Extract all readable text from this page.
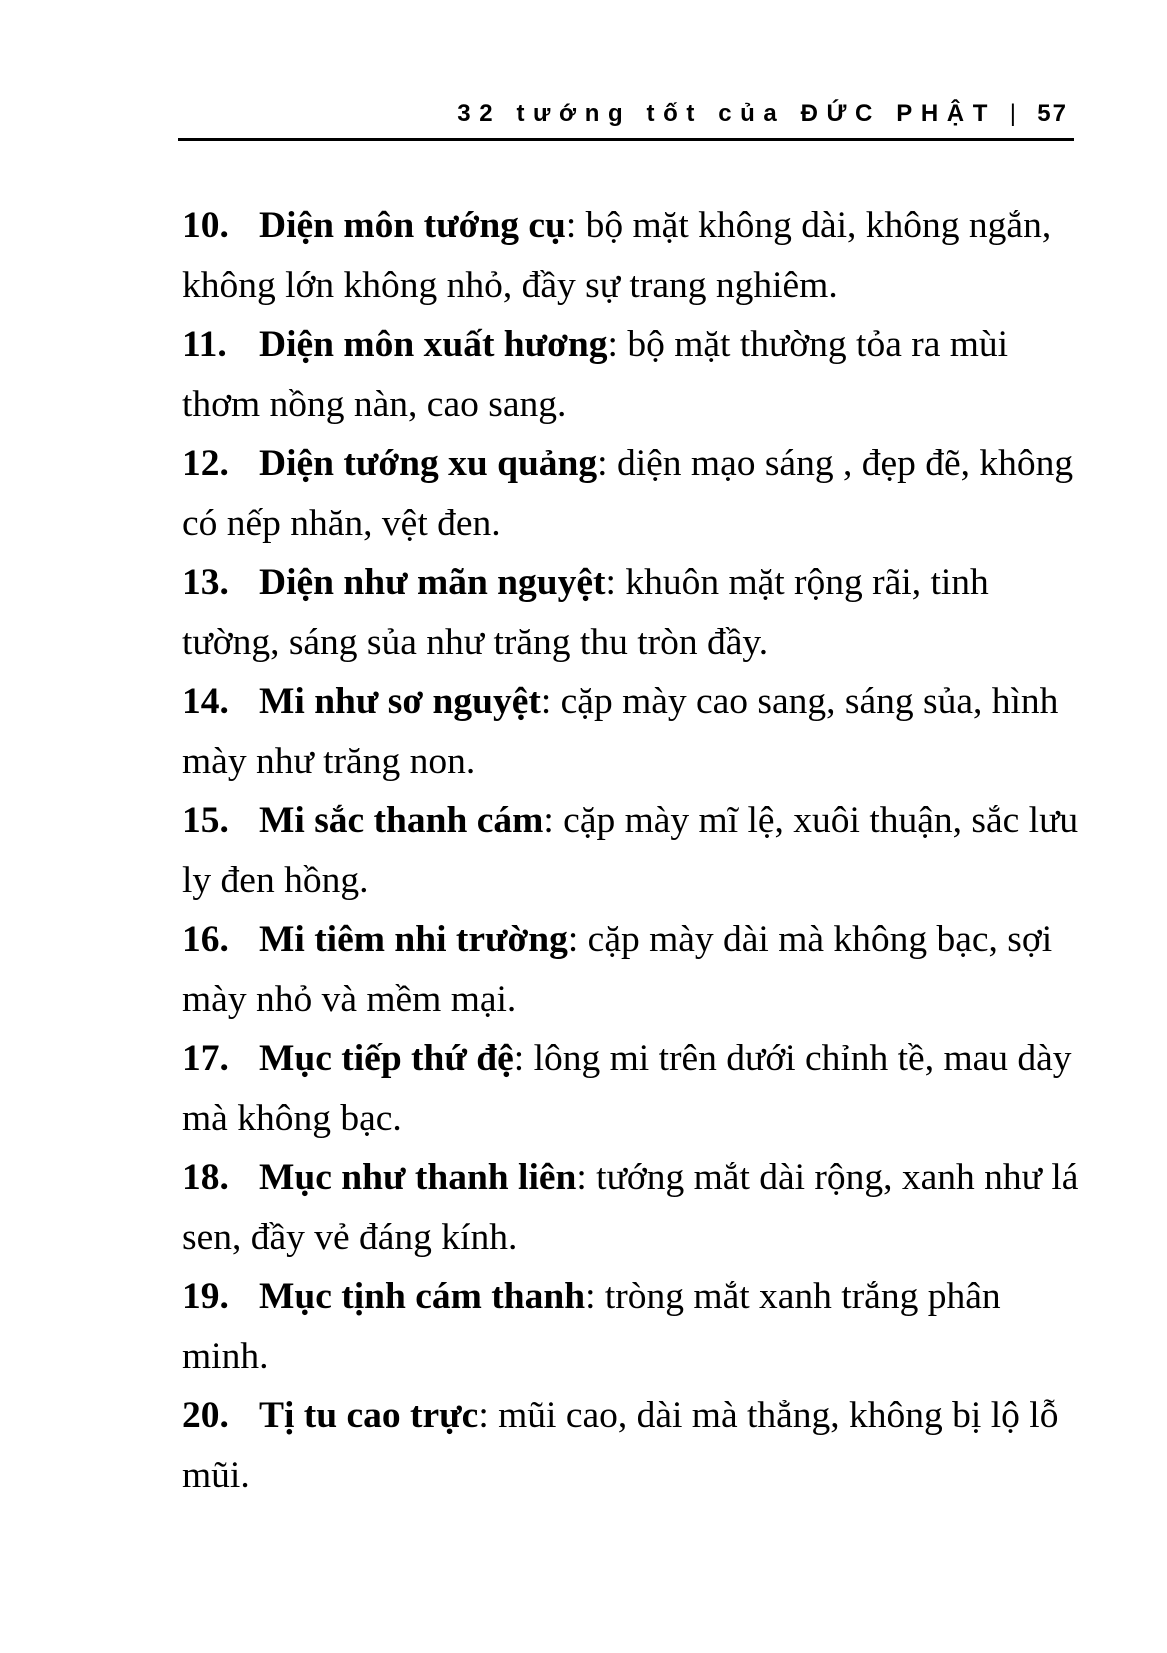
32 tướng tốt của ĐỨC PHẬT | 57

10. Diện môn tướng cụ: bộ mặt không dài, không ngắn, không lớn không nhỏ, đầy sự trang nghiêm.

11. Diện môn xuất hương: bộ mặt thường tỏa ra mùi thơm nồng nàn, cao sang.

12. Diện tướng xu quảng: diện mạo sáng , đẹp đẽ, không có nếp nhăn, vệt đen.

13. Diện như mãn nguyệt: khuôn mặt rộng rãi, tinh tường, sáng sủa như trăng thu tròn đầy.

14. Mi như sơ nguyệt: cặp mày cao sang, sáng sủa, hình mày như trăng non.

15. Mi sắc thanh cám: cặp mày mĩ lệ, xuôi thuận, sắc lưu ly đen hồng.

16. Mi tiêm nhi trường: cặp mày dài mà không bạc, sợi mày nhỏ và mềm mại.

17. Mục tiếp thứ đệ: lông mi trên dưới chỉnh tề, mau dày mà không bạc.

18. Mục như thanh liên: tướng mắt dài rộng, xanh như lá sen, đầy vẻ đáng kính.

19. Mục tịnh cám thanh: tròng mắt xanh trắng phân minh.

20. Tị tu cao trực: mũi cao, dài mà thẳng, không bị lộ lỗ mũi.
